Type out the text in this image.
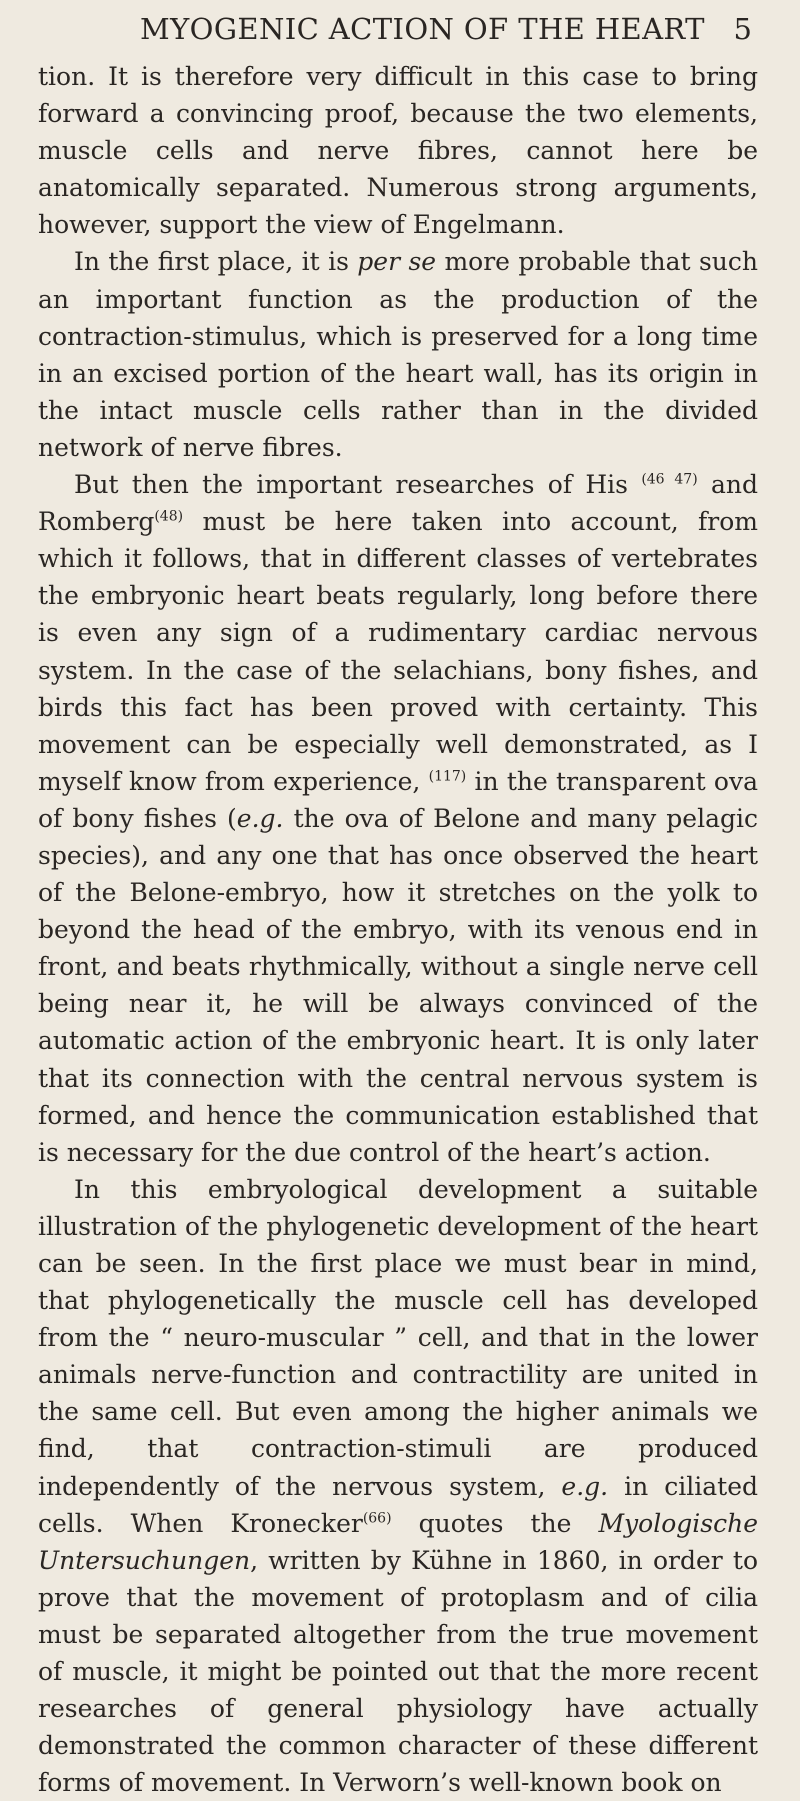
MYOGENIC ACTION OF THE HEART 5

tion. It is therefore very difficult in this case to bring forward a convincing proof, because the two elements, muscle cells and nerve fibres, cannot here be anatomically separated. Numerous strong arguments, however, support the view of Engelmann.

In the first place, it is per se more probable that such an important function as the production of the contraction-stimulus, which is preserved for a long time in an excised portion of the heart wall, has its origin in the intact muscle cells rather than in the divided network of nerve fibres.

But then the important researches of His $^{(46 47)}$ and Romberg$^{(48)}$ must be here taken into account, from which it follows, that in different classes of vertebrates the embryonic heart beats regularly, long before there is even any sign of a rudimentary cardiac nervous system. In the case of the selachians, bony fishes, and birds this fact has been proved with certainty. This movement can be especially well demonstrated, as I myself know from experience, $^{(117)}$ in the transparent ova of bony fishes (e.g. the ova of Belone and many pelagic species), and any one that has once observed the heart of the Belone-embryo, how it stretches on the yolk to beyond the head of the embryo, with its venous end in front, and beats rhythmically, without a single nerve cell being near it, he will be always convinced of the automatic action of the embryonic heart. It is only later that its connection with the central nervous system is formed, and hence the communication established that is necessary for the due control of the heart’s action.

In this embryological development a suitable illustration of the phylogenetic development of the heart can be seen. In the first place we must bear in mind, that phylogenetically the muscle cell has developed from the “ neuro-muscular ” cell, and that in the lower animals nerve-function and contractility are united in the same cell. But even among the higher animals we find, that contraction-stimuli are produced independently of the nervous system, e.g. in ciliated cells. When Kronecker$^{(66)}$ quotes the Myologische Untersuchungen, written by Kühne in 1860, in order to prove that the movement of protoplasm and of cilia must be separated altogether from the true movement of muscle, it might be pointed out that the more recent researches of general physiology have actually demonstrated the common character of these different forms of movement. In Verworn’s well-known book on
